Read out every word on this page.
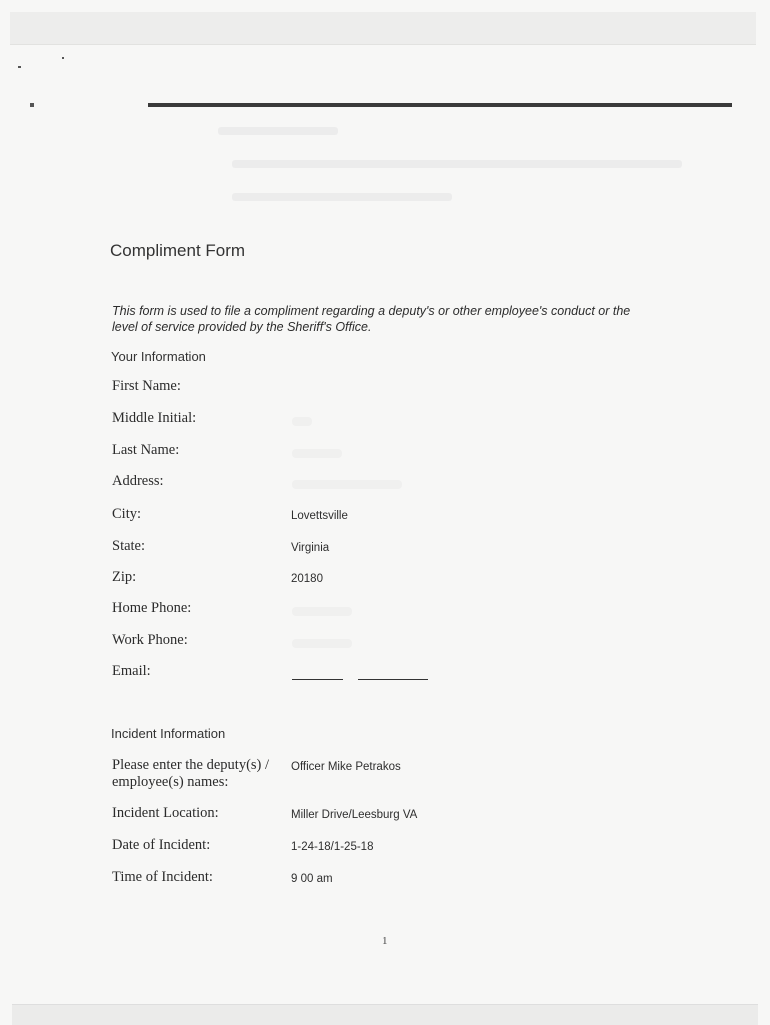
Compliment Form
This form is used to file a compliment regarding a deputy's or other employee's conduct or the level of service provided by the Sheriff's Office.
Your Information
First Name:
Middle Initial:
Last Name:
Address:
City:	Lovettsville
State:	Virginia
Zip:	20180
Home Phone:
Work Phone:
Email:
Incident Information
Please enter the deputy(s) / employee(s) names:
Officer Mike Petrakos
Incident Location:	Miller Drive/Leesburg VA
Date of Incident:	1-24-18/1-25-18
Time of Incident:	9 00 am
1
